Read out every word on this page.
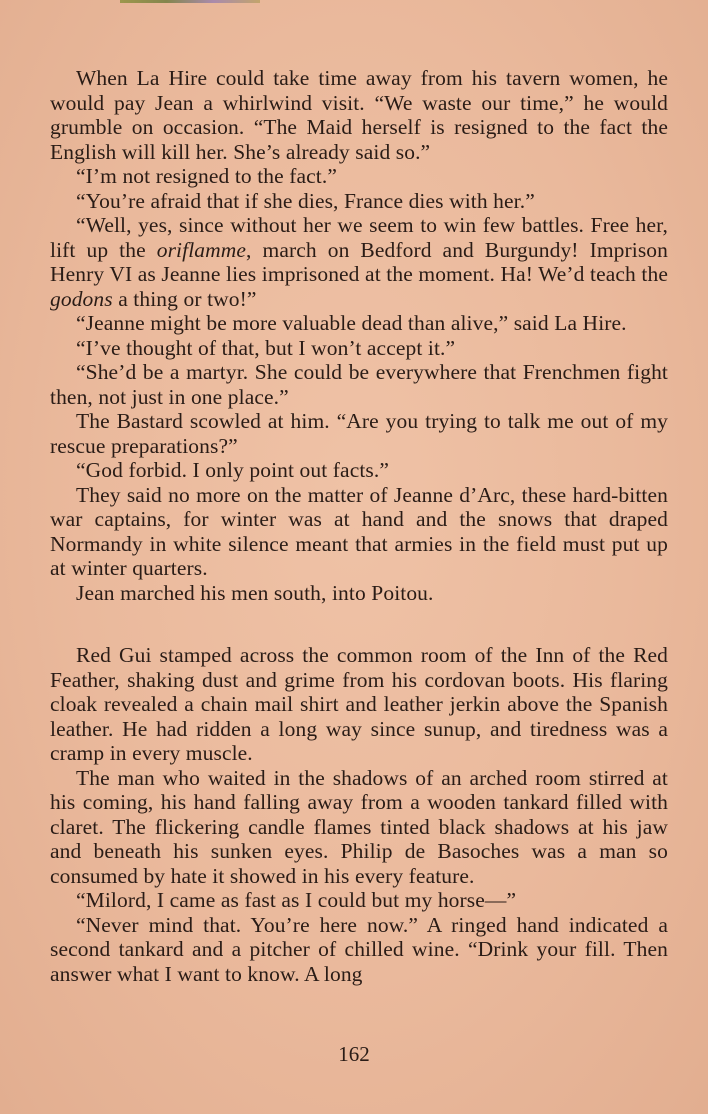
When La Hire could take time away from his tavern women, he would pay Jean a whirlwind visit. “We waste our time,” he would grumble on occasion. “The Maid herself is resigned to the fact the English will kill her. She’s already said so.”

“I’m not resigned to the fact.”

“You’re afraid that if she dies, France dies with her.”

“Well, yes, since without her we seem to win few battles. Free her, lift up the oriflamme, march on Bedford and Burgundy! Imprison Henry VI as Jeanne lies imprisoned at the moment. Ha! We’d teach the godons a thing or two!”

“Jeanne might be more valuable dead than alive,” said La Hire.

“I’ve thought of that, but I won’t accept it.”

“She’d be a martyr. She could be everywhere that Frenchmen fight then, not just in one place.”

The Bastard scowled at him. “Are you trying to talk me out of my rescue preparations?”

“God forbid. I only point out facts.”

They said no more on the matter of Jeanne d’Arc, these hard-bitten war captains, for winter was at hand and the snows that draped Normandy in white silence meant that armies in the field must put up at winter quarters.

Jean marched his men south, into Poitou.

Red Gui stamped across the common room of the Inn of the Red Feather, shaking dust and grime from his cordovan boots. His flaring cloak revealed a chain mail shirt and leather jerkin above the Spanish leather. He had ridden a long way since sunup, and tiredness was a cramp in every muscle.

The man who waited in the shadows of an arched room stirred at his coming, his hand falling away from a wooden tankard filled with claret. The flickering candle flames tinted black shadows at his jaw and beneath his sunken eyes. Philip de Basoches was a man so consumed by hate it showed in his every feature.

“Milord, I came as fast as I could but my horse—”

“Never mind that. You’re here now.” A ringed hand indicated a second tankard and a pitcher of chilled wine. “Drink your fill. Then answer what I want to know. A long

162
